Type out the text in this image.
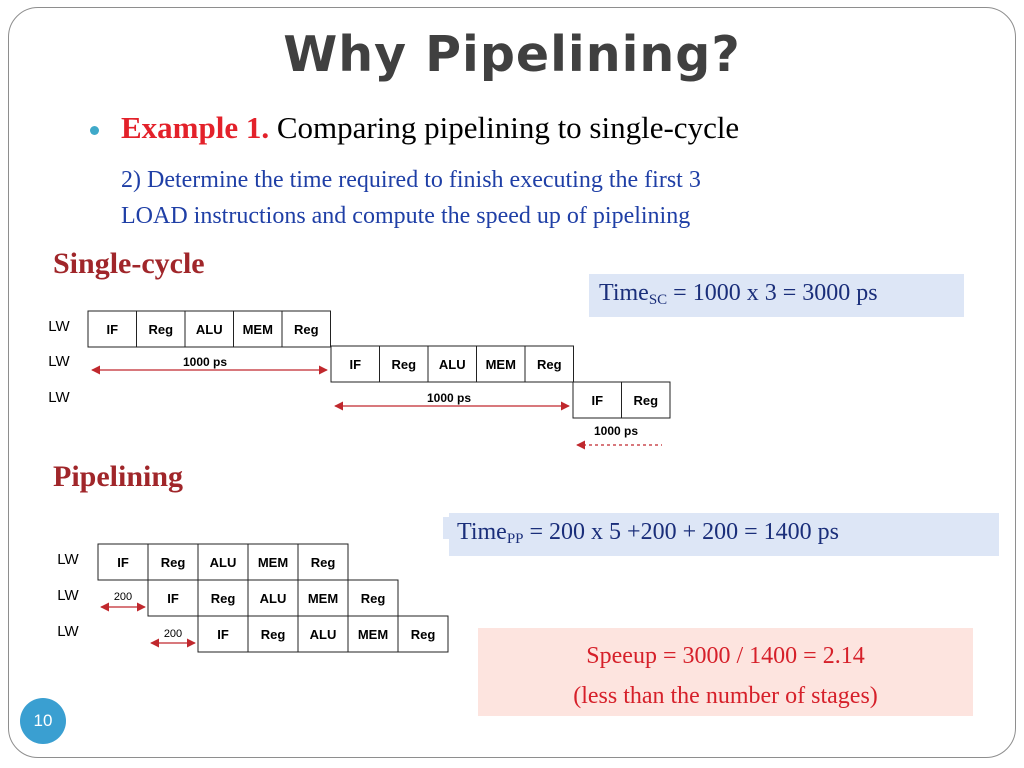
Why Pipelining?
Example 1. Comparing pipelining to single-cycle
2) Determine the time required to finish executing the first 3
LOAD instructions and compute the speed up of pipelining
Single-cycle
Time$_{SC}$ = 1000 x 3 = 3000 ps
Pipelining
Time$_{PP}$ = 200 x 5 +200 + 200 = 1400 ps
Speeup = 3000 / 1400 = 2.14
(less than the number of stages)
LW	IF Reg ALU MEM Reg
LW	IF Reg ALU MEM Reg
LW	IF Reg
1000 ps
1000 ps
1000 ps
LW	IF Reg ALU MEM Reg
LW	IF Reg ALU MEM Reg
LW	IF Reg ALU MEM Reg
200
200
10
